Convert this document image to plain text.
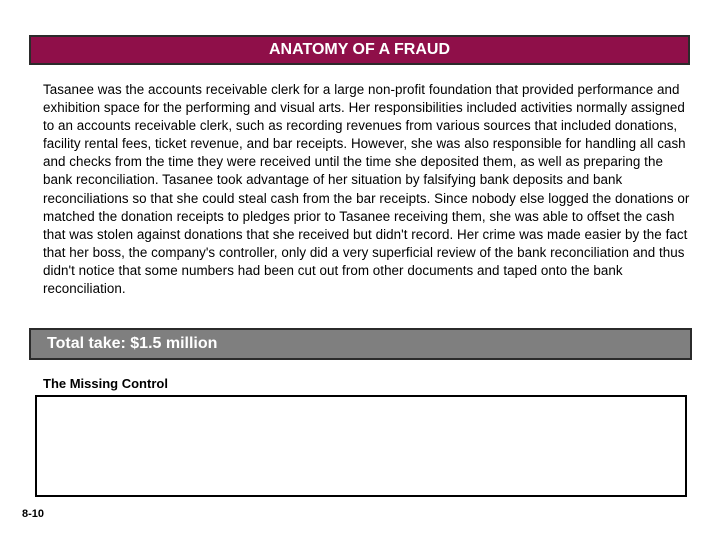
ANATOMY OF A FRAUD

Tasanee was the accounts receivable clerk for a large non-profit foundation that provided performance and exhibition space for the performing and visual arts. Her responsibilities included activities normally assigned to an accounts receivable clerk, such as recording revenues from various sources that included donations, facility rental fees, ticket revenue, and bar receipts. However, she was also responsible for handling all cash and checks from the time they were received until the time she deposited them, as well as preparing the bank reconciliation. Tasanee took advantage of her situation by falsifying bank deposits and bank reconciliations so that she could steal cash from the bar receipts. Since nobody else logged the donations or matched the donation receipts to pledges prior to Tasanee receiving them, she was able to offset the cash that was stolen against donations that she received but didn't record. Her crime was made easier by the fact that her boss, the company's controller, only did a very superficial review of the bank reconciliation and thus didn't notice that some numbers had been cut out from other documents and taped onto the bank reconciliation.

Total take: $1.5 million
The Missing Control
8-10
